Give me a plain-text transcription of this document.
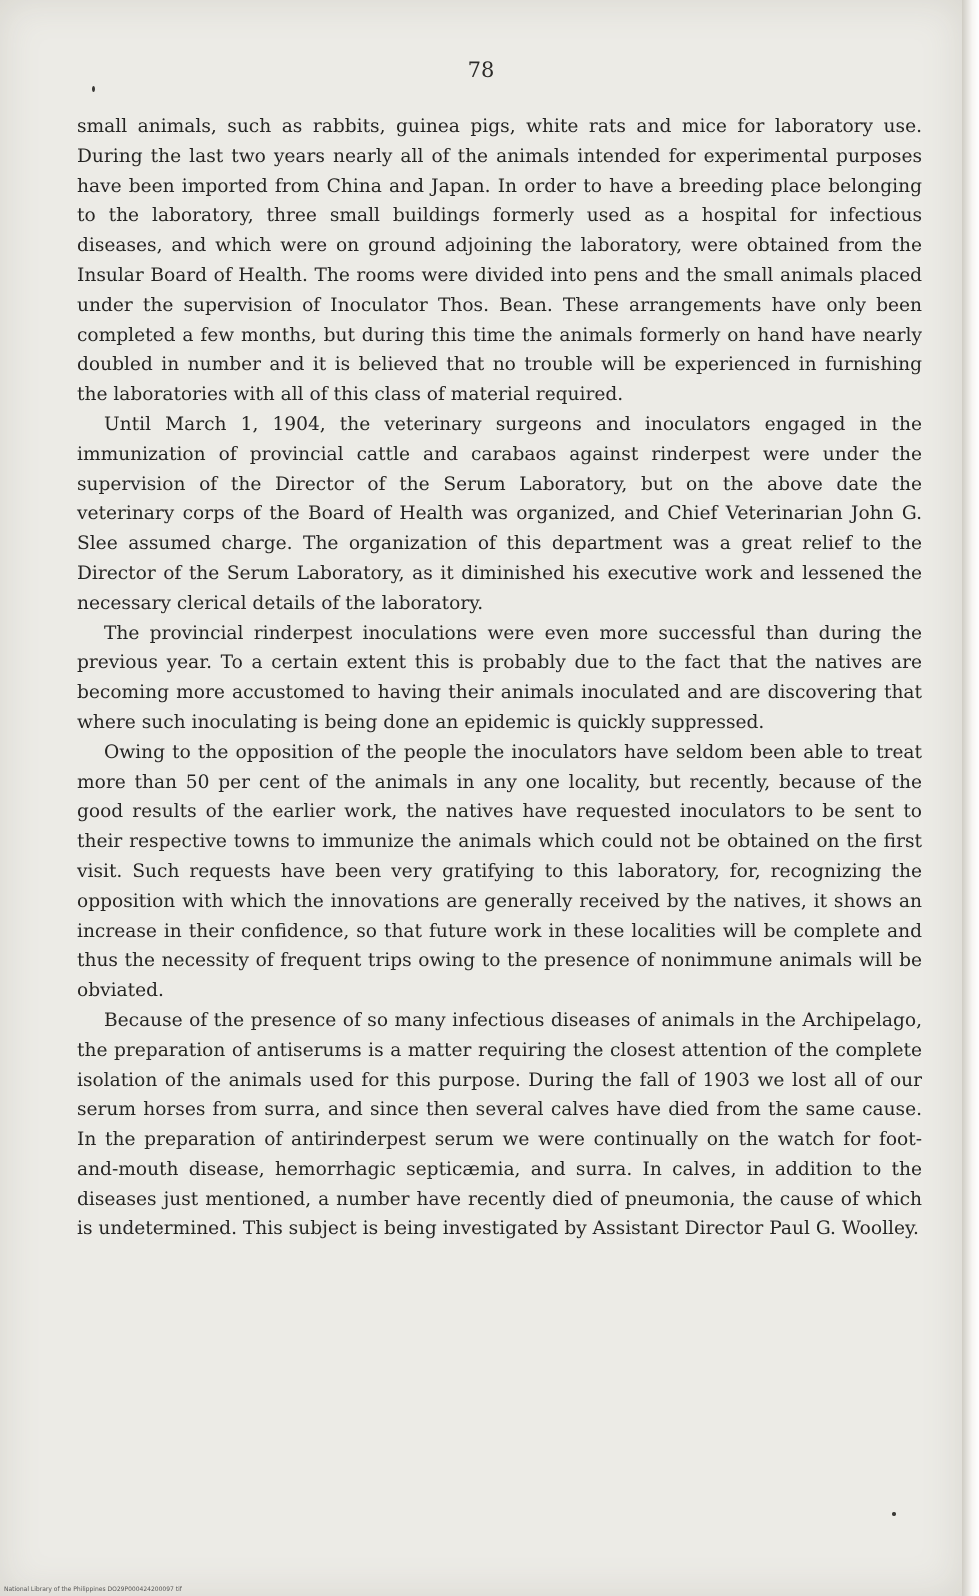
78

small animals, such as rabbits, guinea pigs, white rats and mice for laboratory use. During the last two years nearly all of the animals intended for experimental purposes have been imported from China and Japan. In order to have a breeding place belonging to the laboratory, three small buildings formerly used as a hospital for infectious diseases, and which were on ground adjoining the laboratory, were obtained from the Insular Board of Health. The rooms were divided into pens and the small animals placed under the supervision of Inoculator Thos. Bean. These arrangements have only been completed a few months, but during this time the animals formerly on hand have nearly doubled in number and it is believed that no trouble will be experienced in furnishing the laboratories with all of this class of material required.

Until March 1, 1904, the veterinary surgeons and inoculators engaged in the immunization of provincial cattle and carabaos against rinderpest were under the supervision of the Director of the Serum Laboratory, but on the above date the veterinary corps of the Board of Health was organized, and Chief Veterinarian John G. Slee assumed charge. The organization of this department was a great relief to the Director of the Serum Laboratory, as it diminished his executive work and lessened the necessary clerical details of the laboratory.

The provincial rinderpest inoculations were even more successful than during the previous year. To a certain extent this is probably due to the fact that the natives are becoming more accustomed to having their animals inoculated and are discovering that where such inoculating is being done an epidemic is quickly suppressed.

Owing to the opposition of the people the inoculators have seldom been able to treat more than 50 per cent of the animals in any one locality, but recently, because of the good results of the earlier work, the natives have requested inoculators to be sent to their respective towns to immunize the animals which could not be obtained on the first visit. Such requests have been very gratifying to this laboratory, for, recognizing the opposition with which the innovations are generally received by the natives, it shows an increase in their confidence, so that future work in these localities will be complete and thus the necessity of frequent trips owing to the presence of nonimmune animals will be obviated.

Because of the presence of so many infectious diseases of animals in the Archipelago, the preparation of antiserums is a matter requiring the closest attention of the complete isolation of the animals used for this purpose. During the fall of 1903 we lost all of our serum horses from surra, and since then several calves have died from the same cause. In the preparation of antirinderpest serum we were continually on the watch for foot-and-mouth disease, hemorrhagic septicæmia, and surra. In calves, in addition to the diseases just mentioned, a number have recently died of pneumonia, the cause of which is undetermined. This subject is being investigated by Assistant Director Paul G. Woolley.

National Library of the Philippines DO29P000424200097 tif
